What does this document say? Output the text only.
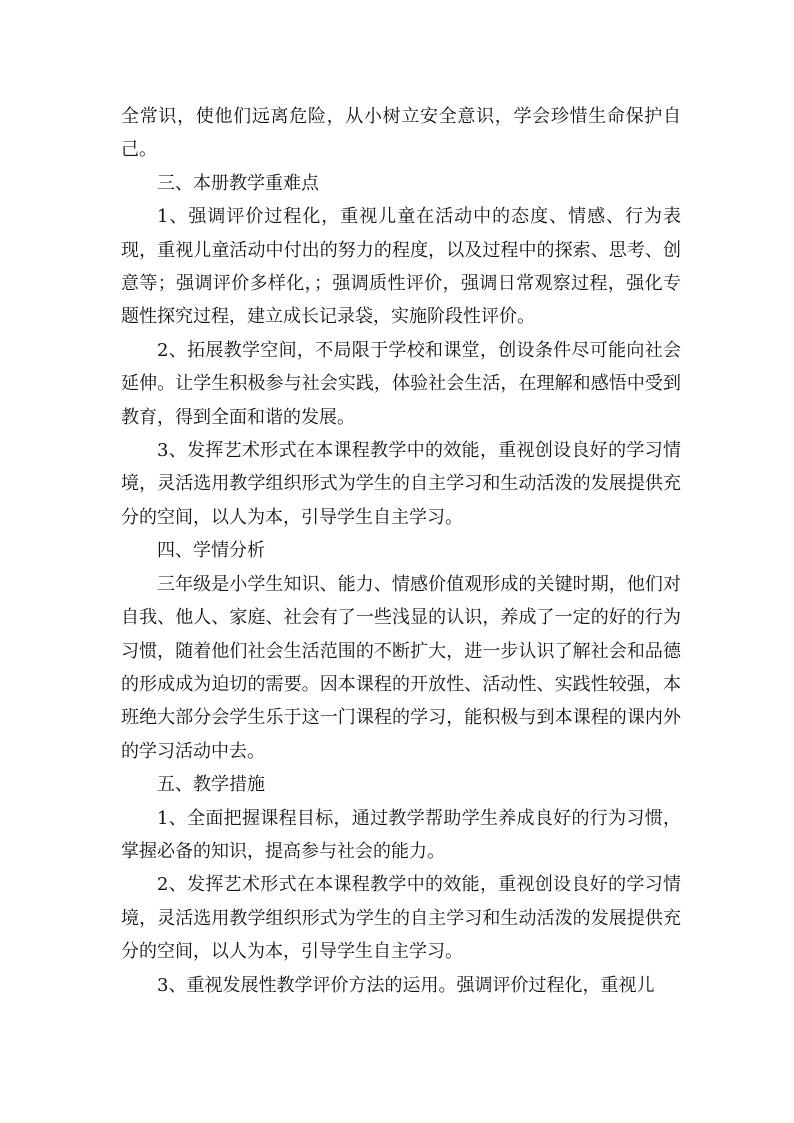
全常识，使他们远离危险，从小树立安全意识，学会珍惜生命保护自己。

三、本册教学重难点

1、强调评价过程化，重视儿童在活动中的态度、情感、行为表现，重视儿童活动中付出的努力的程度，以及过程中的探索、思考、创意等；强调评价多样化，；强调质性评价，强调日常观察过程，强化专题性探究过程，建立成长记录袋，实施阶段性评价。

2、拓展教学空间，不局限于学校和课堂，创设条件尽可能向社会延伸。让学生积极参与社会实践，体验社会生活，在理解和感悟中受到教育，得到全面和谐的发展。

3、发挥艺术形式在本课程教学中的效能，重视创设良好的学习情境，灵活选用教学组织形式为学生的自主学习和生动活泼的发展提供充分的空间，以人为本，引导学生自主学习。

四、学情分析

三年级是小学生知识、能力、情感价值观形成的关键时期，他们对自我、他人、家庭、社会有了一些浅显的认识，养成了一定的好的行为习惯，随着他们社会生活范围的不断扩大，进一步认识了解社会和品德的形成成为迫切的需要。因本课程的开放性、活动性、实践性较强，本班绝大部分会学生乐于这一门课程的学习，能积极与到本课程的课内外的学习活动中去。

五、教学措施

1、全面把握课程目标，通过教学帮助学生养成良好的行为习惯，掌握必备的知识，提高参与社会的能力。

2、发挥艺术形式在本课程教学中的效能，重视创设良好的学习情境，灵活选用教学组织形式为学生的自主学习和生动活泼的发展提供充分的空间，以人为本，引导学生自主学习。

3、重视发展性教学评价方法的运用。强调评价过程化，重视儿
